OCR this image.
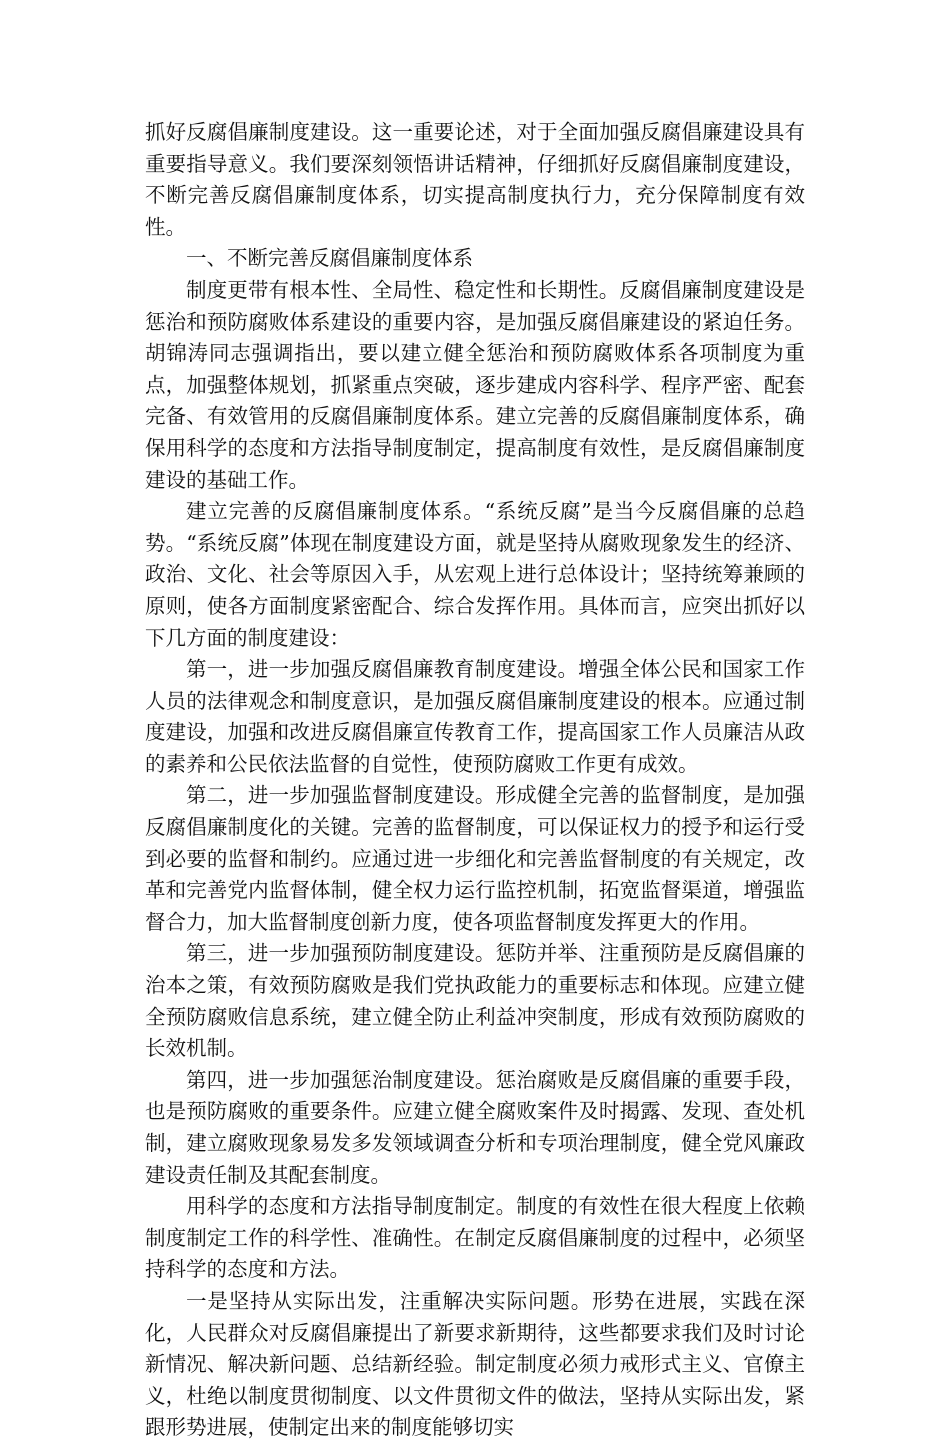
抓好反腐倡廉制度建设。这一重要论述，对于全面加强反腐倡廉建设具有重要指导意义。我们要深刻领悟讲话精神，仔细抓好反腐倡廉制度建设，不断完善反腐倡廉制度体系，切实提高制度执行力，充分保障制度有效性。

一、不断完善反腐倡廉制度体系

制度更带有根本性、全局性、稳定性和长期性。反腐倡廉制度建设是惩治和预防腐败体系建设的重要内容，是加强反腐倡廉建设的紧迫任务。胡锦涛同志强调指出，要以建立健全惩治和预防腐败体系各项制度为重点，加强整体规划，抓紧重点突破，逐步建成内容科学、程序严密、配套完备、有效管用的反腐倡廉制度体系。建立完善的反腐倡廉制度体系，确保用科学的态度和方法指导制度制定，提高制度有效性，是反腐倡廉制度建设的基础工作。

建立完善的反腐倡廉制度体系。“系统反腐”是当今反腐倡廉的总趋势。“系统反腐”体现在制度建设方面，就是坚持从腐败现象发生的经济、政治、文化、社会等原因入手，从宏观上进行总体设计；坚持统筹兼顾的原则，使各方面制度紧密配合、综合发挥作用。具体而言，应突出抓好以下几方面的制度建设：

第一，进一步加强反腐倡廉教育制度建设。增强全体公民和国家工作人员的法律观念和制度意识，是加强反腐倡廉制度建设的根本。应通过制度建设，加强和改进反腐倡廉宣传教育工作，提高国家工作人员廉洁从政的素养和公民依法监督的自觉性，使预防腐败工作更有成效。

第二，进一步加强监督制度建设。形成健全完善的监督制度，是加强反腐倡廉制度化的关键。完善的监督制度，可以保证权力的授予和运行受到必要的监督和制约。应通过进一步细化和完善监督制度的有关规定，改革和完善党内监督体制，健全权力运行监控机制，拓宽监督渠道，增强监督合力，加大监督制度创新力度，使各项监督制度发挥更大的作用。

第三，进一步加强预防制度建设。惩防并举、注重预防是反腐倡廉的治本之策，有效预防腐败是我们党执政能力的重要标志和体现。应建立健全预防腐败信息系统，建立健全防止利益冲突制度，形成有效预防腐败的长效机制。

第四，进一步加强惩治制度建设。惩治腐败是反腐倡廉的重要手段，也是预防腐败的重要条件。应建立健全腐败案件及时揭露、发现、查处机制，建立腐败现象易发多发领域调查分析和专项治理制度，健全党风廉政建设责任制及其配套制度。

用科学的态度和方法指导制度制定。制度的有效性在很大程度上依赖制度制定工作的科学性、准确性。在制定反腐倡廉制度的过程中，必须坚持科学的态度和方法。

一是坚持从实际出发，注重解决实际问题。形势在进展，实践在深化，人民群众对反腐倡廉提出了新要求新期待，这些都要求我们及时讨论新情况、解决新问题、总结新经验。制定制度必须力戒形式主义、官僚主义，杜绝以制度贯彻制度、以文件贯彻文件的做法，坚持从实际出发，紧跟形势进展，使制定出来的制度能够切实
